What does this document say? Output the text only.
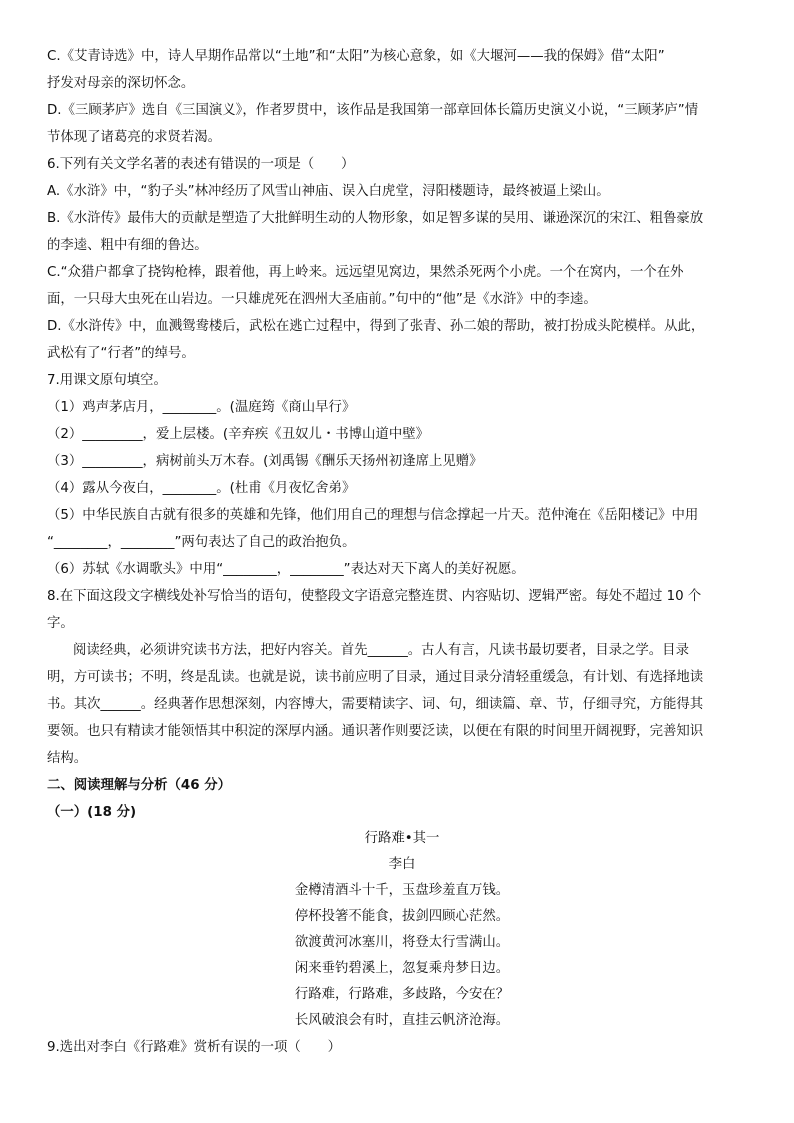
C.《艾青诗选》中，诗人早期作品常以“土地”和“太阳”为核心意象，如《大堰河——我的保姆》借“太阳”
抒发对母亲的深切怀念。
D.《三顾茅庐》选自《三国演义》，作者罗贯中，该作品是我国第一部章回体长篇历史演义小说，“三顾茅庐”情
节体现了诸葛亮的求贤若渴。
6.下列有关文学名著的表述有错误的一项是（　　）
A.《水浒》中，“豹子头”林冲经历了风雪山神庙、误入白虎堂，浔阳楼题诗，最终被逼上梁山。
B.《水浒传》最伟大的贡献是塑造了大批鲜明生动的人物形象，如足智多谋的吴用、谦逊深沉的宋江、粗鲁豪放
的李逵、粗中有细的鲁达。
C.“众猎户都拿了挠钩枪棒，跟着他，再上岭来。远远望见窝边，果然杀死两个小虎。一个在窝内，一个在外
面，一只母大虫死在山岩边。一只雄虎死在泗州大圣庙前。”句中的“他”是《水浒》中的李逵。
D.《水浒传》中，血溅鸳鸯楼后，武松在逃亡过程中，得到了张青、孙二娘的帮助，被打扮成头陀模样。从此，
武松有了“行者”的绰号。
7.用课文原句填空。
（1）鸡声茅店月，________。(温庭筠《商山早行》
（2）_________，爱上层楼。(辛弃疾《丑奴儿・书博山道中壁》
（3）_________，病树前头万木春。(刘禹锡《酬乐天扬州初逢席上见赠》
（4）露从今夜白，________。(杜甫《月夜忆舍弟》
（5）中华民族自古就有很多的英雄和先锋，他们用自己的理想与信念撑起一片天。范仲淹在《岳阳楼记》中用
“________，________”两句表达了自己的政治抱负。
（6）苏轼《水调歌头》中用“________，________”表达对天下离人的美好祝愿。
8.在下面这段文字横线处补写恰当的语句，使整段文字语意完整连贯、内容贴切、逻辑严密。每处不超过 10 个
字。
阅读经典，必须讲究读书方法，把好内容关。首先______。古人有言，凡读书最切要者，目录之学。目录
明，方可读书；不明，终是乱读。也就是说，读书前应明了目录，通过目录分清轻重缓急，有计划、有选择地读
书。其次______。经典著作思想深刻，内容博大，需要精读字、词、句，细读篇、章、节，仔细寻究，方能得其
要领。也只有精读才能领悟其中积淀的深厚内涵。通识著作则要泛读，以便在有限的时间里开阔视野，完善知识
结构。
二、阅读理解与分析（46 分）
（一）(18 分)
行路难•其一
李白
金樽清酒斗十千，玉盘珍羞直万钱。
停杯投箸不能食，拔剑四顾心茫然。
欲渡黄河冰塞川，将登太行雪满山。
闲来垂钓碧溪上，忽复乘舟梦日边。
行路难，行路难，多歧路，今安在？
长风破浪会有时，直挂云帆济沧海。
9.选出对李白《行路难》赏析有误的一项（　　）
